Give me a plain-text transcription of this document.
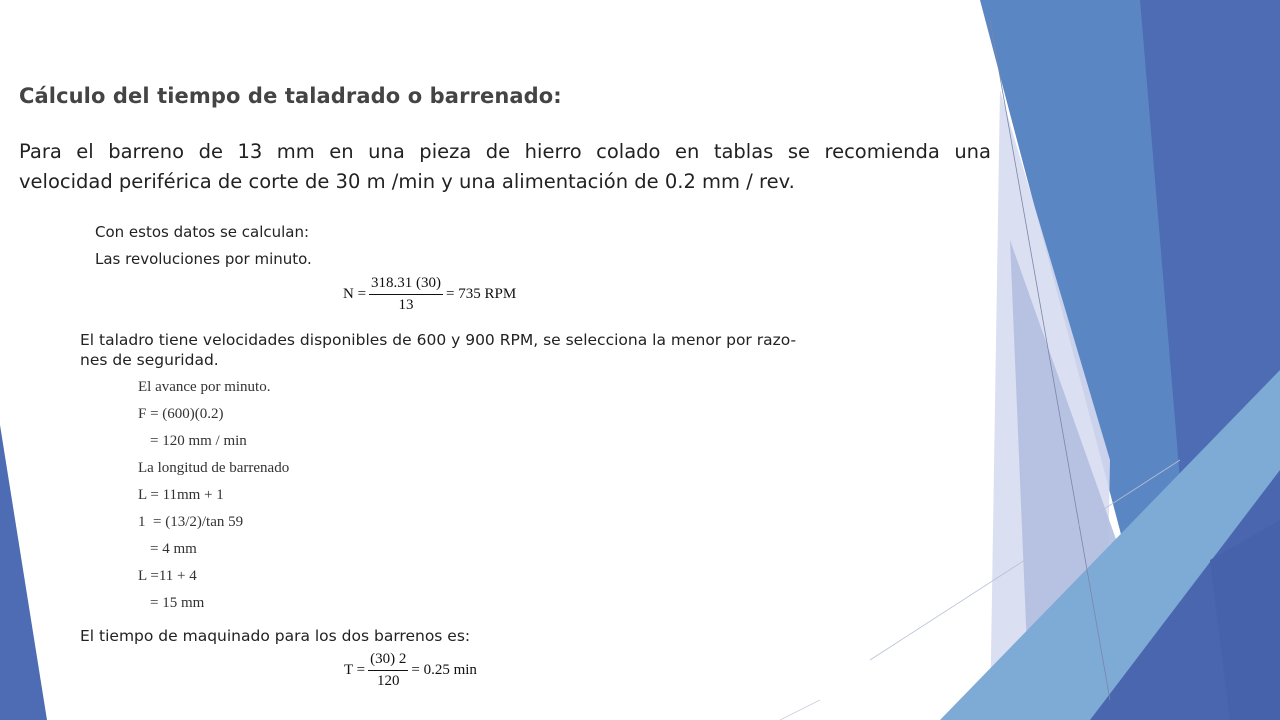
Cálculo del tiempo de taladrado o barrenado:
Para el barreno de 13 mm en una pieza de hierro colado en tablas se recomienda una
velocidad periférica de corte de 30 m /min y una alimentación de 0.2 mm / rev.
Con estos datos se calculan:
Las revoluciones por minuto.
$N = \frac{318.31 (30)}{13} = 735$ RPM
El taladro tiene velocidades disponibles de 600 y 900 RPM, se selecciona la menor por razo-
nes de seguridad.
El avance por minuto.
F = (600)(0.2)
= 120 mm / min
La longitud de barrenado
L = 11mm + 1
1  = (13/2)/tan 59
= 4 mm
L =11 + 4
= 15 mm
El tiempo de maquinado para los dos barrenos es:
$T = \frac{(30) 2}{120} = 0.25$ min
